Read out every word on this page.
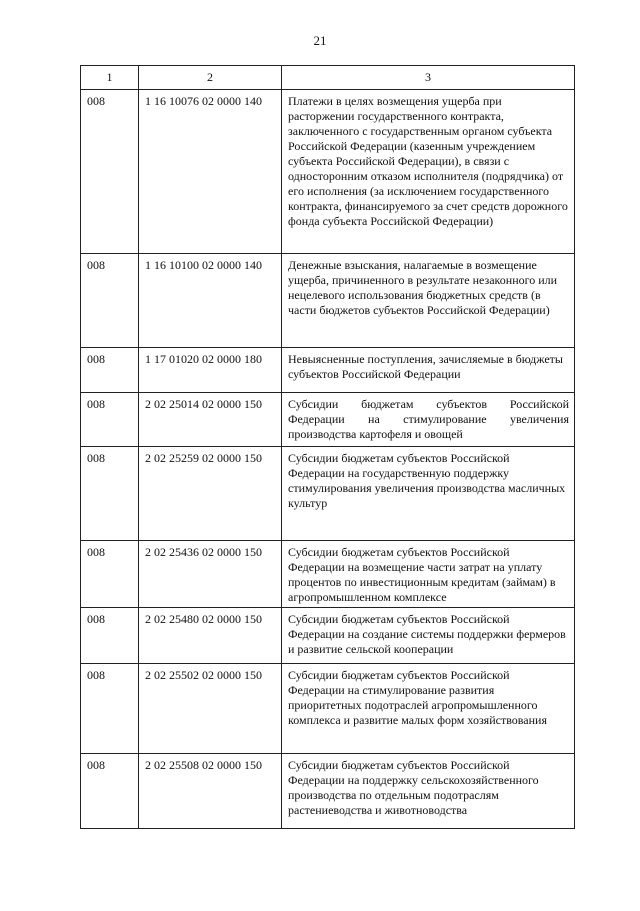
21
1	2	3
008	1 16 10076 02 0000 140	Платежи в целях возмещения ущерба при расторжении государственного контракта, заключенного с государственным органом субъекта Российской Федерации (казенным учреждением субъекта Российской Федерации), в связи с односторонним отказом исполнителя (подрядчика) от его исполнения (за исключением государственного контракта, финансируемого за счет средств дорожного фонда субъекта Российской Федерации)
008	1 16 10100 02 0000 140	Денежные взыскания, налагаемые в возмещение ущерба, причиненного в результате незаконного или нецелевого использования бюджетных средств (в части бюджетов субъектов Российской Федерации)
008	1 17 01020 02 0000 180	Невыясненные поступления, зачисляемые в бюджеты субъектов Российской Федерации
008	2 02 25014 02 0000 150	Субсидии бюджетам субъектов Российской Федерации на стимулирование увеличения производства картофеля и овощей
008	2 02 25259 02 0000 150	Субсидии бюджетам субъектов Российской Федерации на государственную поддержку стимулирования увеличения производства масличных культур
008	2 02 25436 02 0000 150	Субсидии бюджетам субъектов Российской Федерации на возмещение части затрат на уплату процентов по инвестиционным кредитам (займам) в агропромышленном комплексе
008	2 02 25480 02 0000 150	Субсидии бюджетам субъектов Российской Федерации на создание системы поддержки фермеров и развитие сельской кооперации
008	2 02 25502 02 0000 150	Субсидии бюджетам субъектов Российской Федерации на стимулирование развития приоритетных подотраслей агропромышленного комплекса и развитие малых форм хозяйствования
008	2 02 25508 02 0000 150	Субсидии бюджетам субъектов Российской Федерации на поддержку сельскохозяйственного производства по отдельным подотраслям растениеводства и животноводства
